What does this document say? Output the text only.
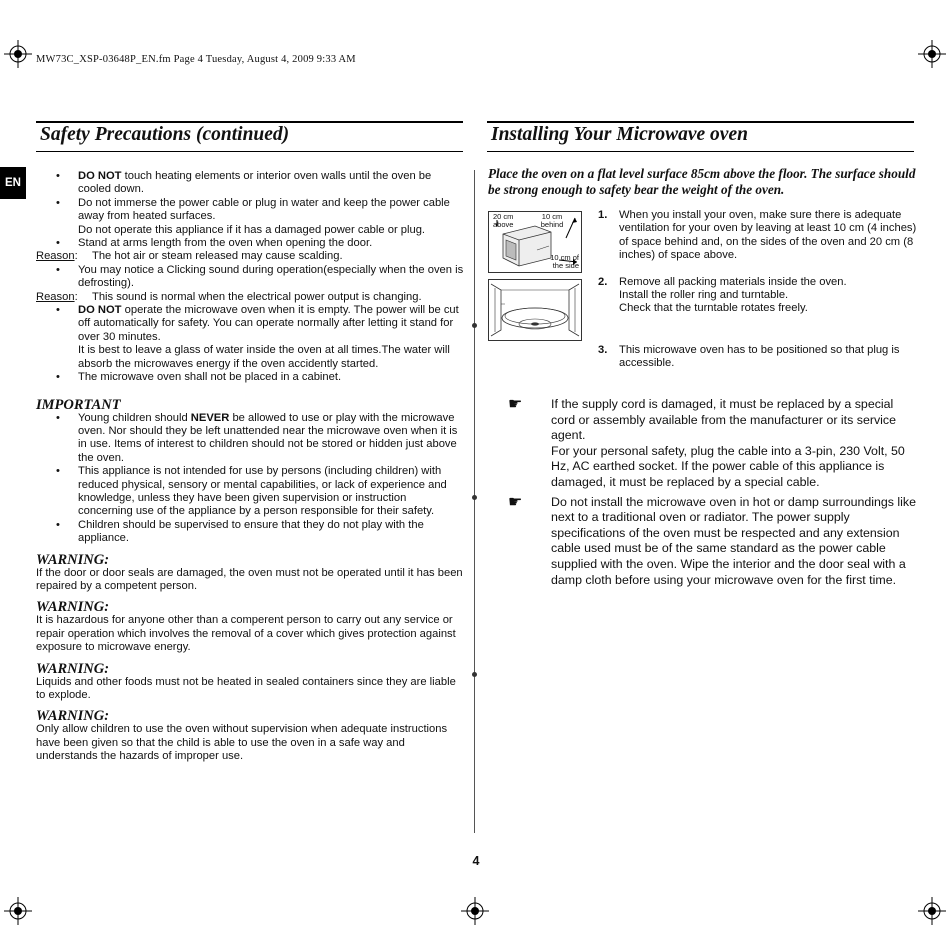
MW73C_XSP-03648P_EN.fm Page 4 Tuesday, August 4, 2009 9:33 AM
Safety Precautions (continued)	Installing Your Microwave oven
EN
•	DO NOT touch heating elements or interior oven walls until the oven be cooled down.
•	Do not immerse the power cable or plug in water and keep the power cable away from heated surfaces.
Do not operate this appliance if it has a damaged power cable or plug.
•	Stand at arms length from the oven when opening the door.
Reason:	The hot air or steam released may cause scalding.
•	You may notice a Clicking sound during operation(especially when the oven is defrosting).
Reason:	This sound is normal when the electrical power output is changing.
•	DO NOT operate the microwave oven when it is empty. The power will be cut off automatically for safety. You can operate normally after letting it stand for over 30 minutes.
It is best to leave a glass of water inside the oven at all times.The water will absorb the microwaves energy if the oven accidently started.
•	The microwave oven shall not be placed in a cabinet.
IMPORTANT
•	Young children should NEVER be allowed to use or play with the microwave oven. Nor should they be left unattended near the microwave oven when it is in use. Items of interest to children should not be stored or hidden just above the oven.
•	This appliance is not intended for use by persons (including children) with reduced physical, sensory or mental capabilities, or lack of experience and knowledge, unless they have been given supervision or instruction concerning use of the appliance by a person responsible for their safety.
•	Children should be supervised to ensure that they do not play with the appliance.
WARNING:
If the door or door seals are damaged, the oven must not be operated until it has been repaired by a competent person.
WARNING:
It is hazardous for anyone other than a comperent person to carry out any service or repair operation which involves the removal of a cover which gives protection against exposure to microwave energy.
WARNING:
Liquids and other foods must not be heated in sealed containers since they are liable to explode.
WARNING:
Only allow children to use the oven without supervision when adequate instructions have been given so that the child is able to use the oven in a safe way and understands the hazards of improper use.
Place the oven on a flat level surface 85cm above the floor. The surface should be strong enough to safety bear the weight of the oven.
20 cm above
10 cm behind
10 cm of the side
1.	When you install your oven, make sure there is adequate ventilation for your oven by leaving at least 10 cm (4 inches) of space behind and, on the sides of the oven and 20 cm (8 inches) of space above.
2.	Remove all packing materials inside the oven.
Install the roller ring and turntable.
Check that the turntable rotates freely.
3.	This microwave oven has to be positioned so that plug is accessible.
☛	If the supply cord is damaged, it must be replaced by a special cord or assembly available from the manufacturer or its service agent.
For your personal safety, plug the cable into a 3-pin, 230 Volt, 50 Hz, AC earthed socket. If the power cable of this appliance is damaged, it must be replaced by a special cable.
☛	Do not install the microwave oven in hot or damp surroundings like next to a traditional oven or radiator. The power supply specifications of the oven must be respected and any extension cable used must be of the same standard as the power cable supplied with the oven. Wipe the interior and the door seal with a damp cloth before using your microwave oven for the first time.
4
